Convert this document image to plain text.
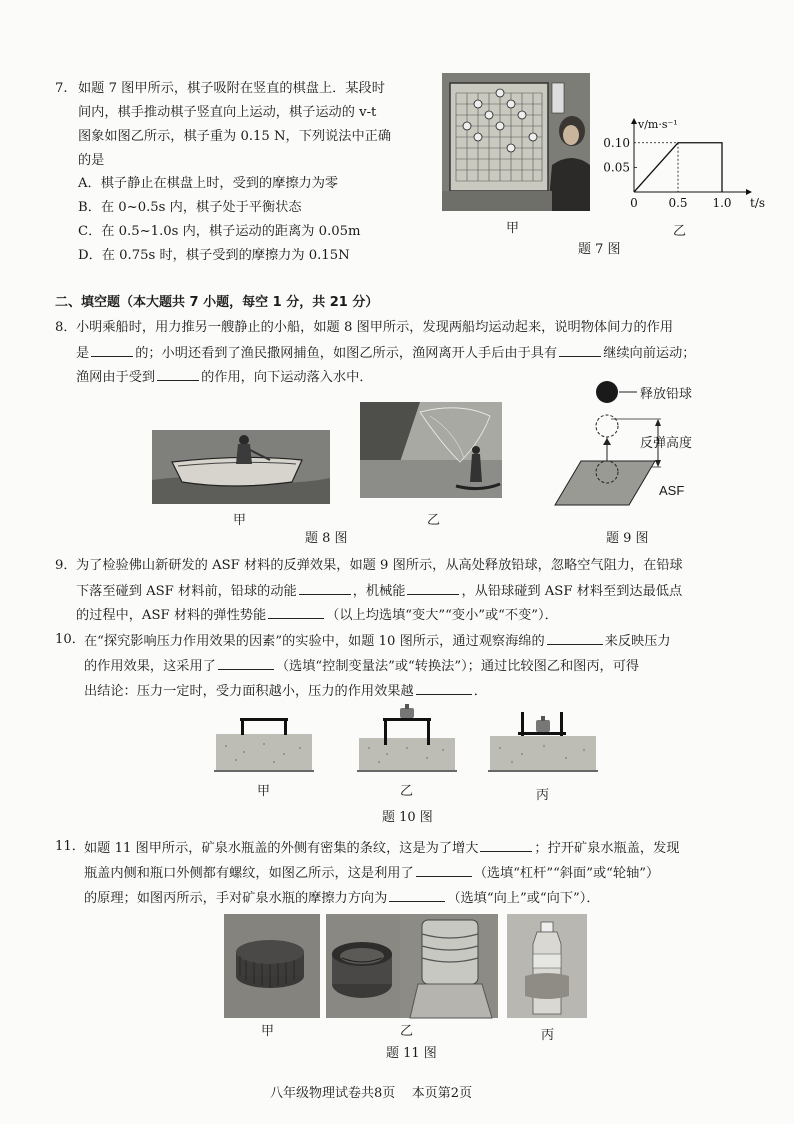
7. 如题 7 图甲所示，棋子吸附在竖直的棋盘上．某段时
间内，棋手推动棋子竖直向上运动，棋子运动的 v-t
图象如图乙所示，棋子重为 0.15 N，下列说法中正确
的是
A．棋子静止在棋盘上时，受到的摩擦力为零
B．在 0~0.5s 内，棋子处于平衡状态
C．在 0.5~1.0s 内，棋子运动的距离为 0.05m
D．在 0.75s 时，棋子受到的摩擦力为 0.15N
甲
0	0.5 1.0
0.10
0.05
t/s
v/m·s⁻¹
乙
题 7 图
二、填空题（本大题共 7 小题，每空 1 分，共 21 分）
8． 小明乘船时，用力推另一艘静止的小船，如题 8 图甲所示，发现两船均运动起来，说明物体间力的作用
是	的；小明还看到了渔民撒网捕鱼，如图乙所示，渔网离开人手后由于具有	继续向前运动；
渔网由于受到	的作用，向下运动落入水中．
甲	乙
题 8 图
释放铅球
反弹高度
ASF
题 9 图
9． 为了检验佛山新研发的 ASF 材料的反弹效果，如题 9 图所示，从高处释放铅球，忽略空气阻力，在铅球
下落至碰到 ASF 材料前，铅球的动能	，机械能	，从铅球碰到 ASF 材料至到达最低点
的过程中，ASF 材料的弹性势能	（以上均选填“变大”“变小”或“不变”）．
10． 在“探究影响压力作用效果的因素”的实验中，如题 10 图所示，通过观察海绵的	来反映压力
的作用效果，这采用了	（选填“控制变量法”或“转换法”）；通过比较图乙和图丙，可得
出结论：压力一定时，受力面积越小，压力的作用效果越	．
甲	乙	丙
题 10 图
11． 如题 11 图甲所示，矿泉水瓶盖的外侧有密集的条纹，这是为了增大	；拧开矿泉水瓶盖，发现
瓶盖内侧和瓶口外侧都有螺纹，如图乙所示，这是利用了	（选填“杠杆”“斜面”或“轮轴”）
的原理；如图丙所示，手对矿泉水瓶的摩擦力方向为	（选填“向上”或“向下”）．
甲	乙	丙
题 11 图
八年级物理试卷共8页    本页第2页
